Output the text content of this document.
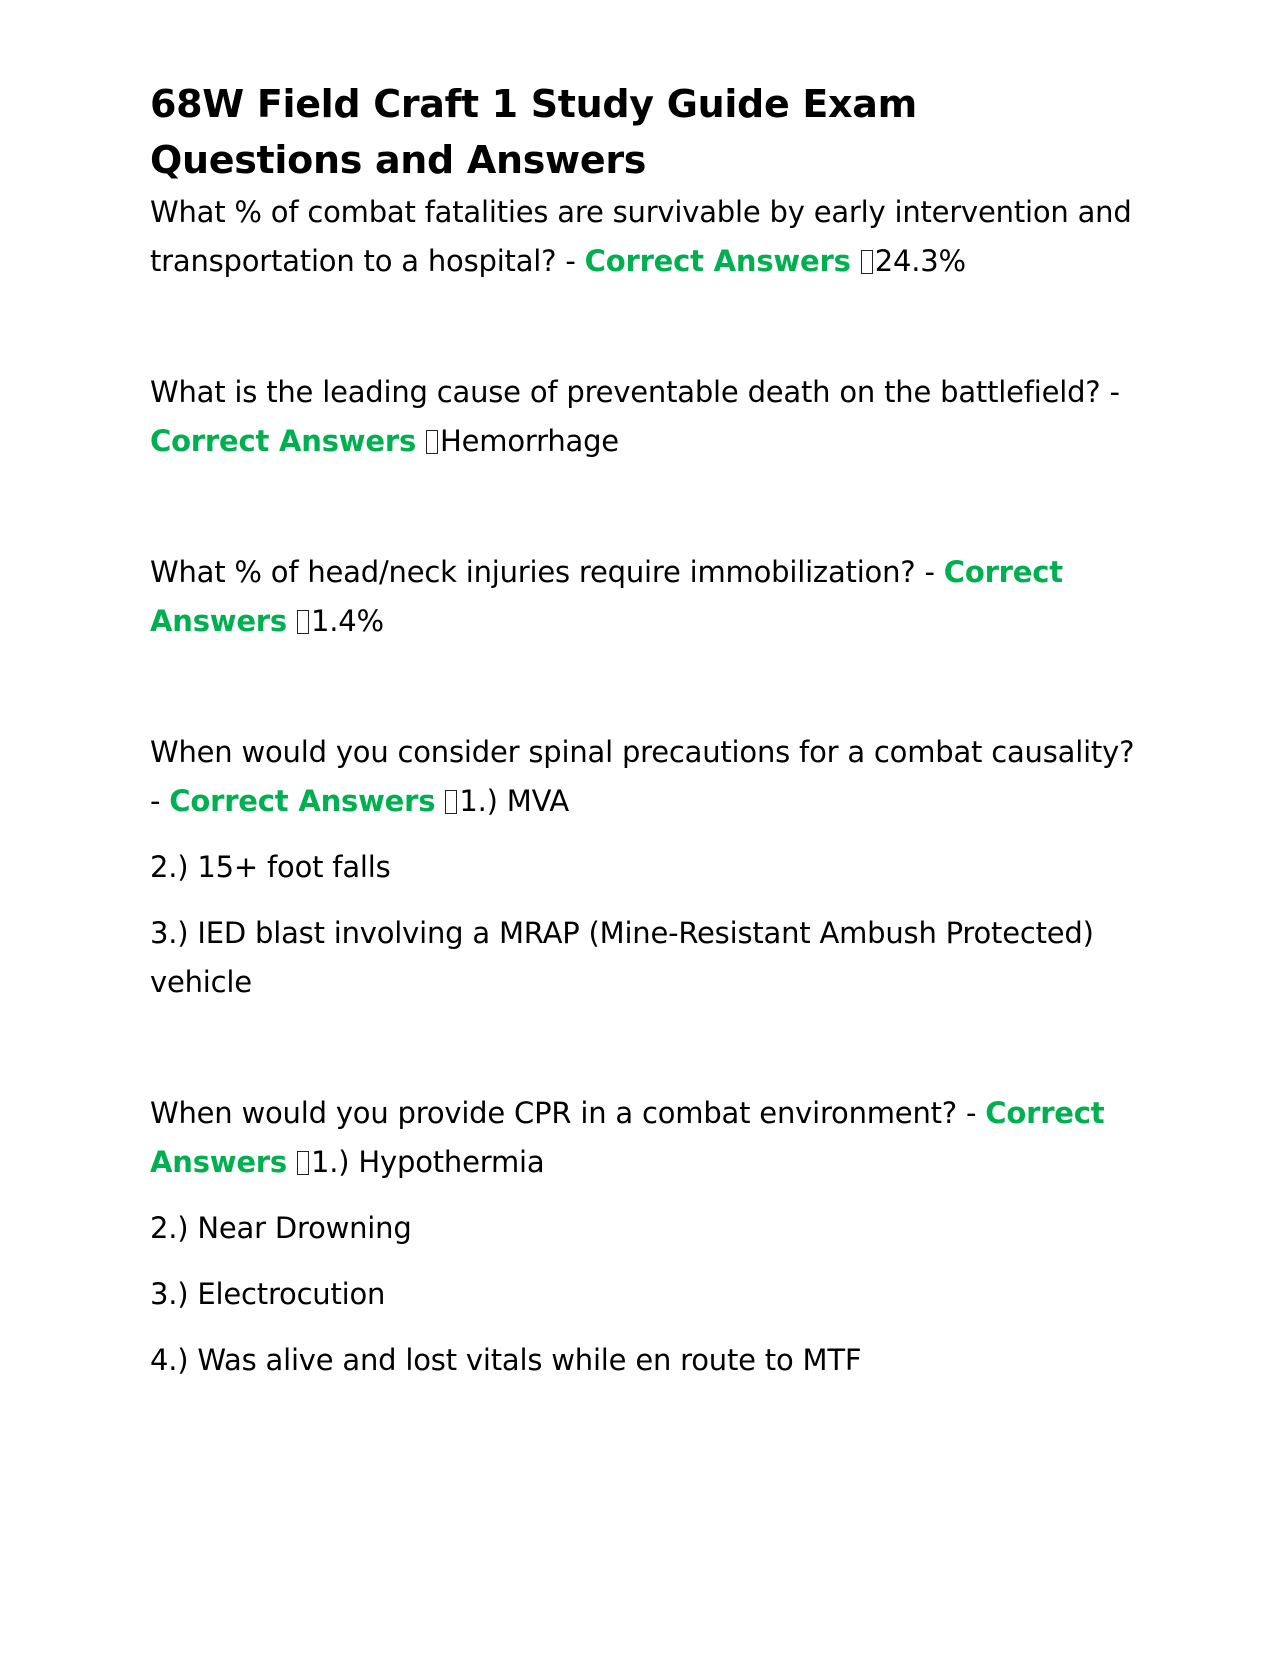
68W Field Craft 1 Study Guide Exam Questions and Answers

What % of combat fatalities are survivable by early intervention and transportation to a hospital? - Correct Answers 24.3%

What is the leading cause of preventable death on the battlefield? - Correct Answers Hemorrhage

What % of head/neck injuries require immobilization? - Correct Answers 1.4%

When would you consider spinal precautions for a combat causality? - Correct Answers 1.) MVA

2.) 15+ foot falls

3.) IED blast involving a MRAP (Mine-Resistant Ambush Protected) vehicle

When would you provide CPR in a combat environment? - Correct Answers 1.) Hypothermia

2.) Near Drowning

3.) Electrocution

4.) Was alive and lost vitals while en route to MTF
